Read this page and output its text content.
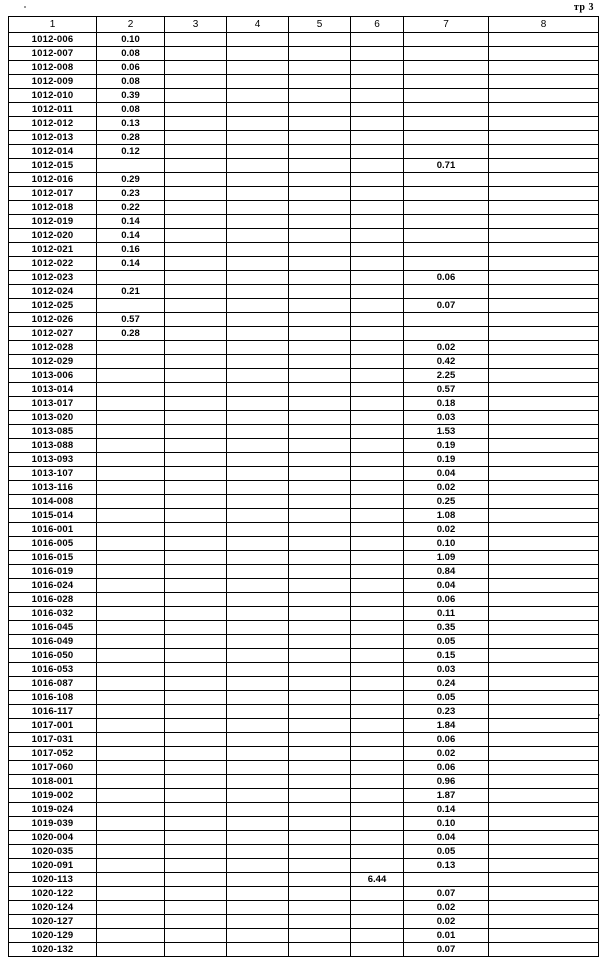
тр 3
1	2	3	4	5	6	7	8
1012-006	0.10						
1012-007	0.08						
1012-008	0.06						
1012-009	0.08						
1012-010	0.39						
1012-011	0.08						
1012-012	0.13						
1012-013	0.28						
1012-014	0.12						
1012-015						0.71	
1012-016	0.29						
1012-017	0.23						
1012-018	0.22						
1012-019	0.14						
1012-020	0.14						
1012-021	0.16						
1012-022	0.14						
1012-023						0.06	
1012-024	0.21						
1012-025						0.07	
1012-026	0.57						
1012-027	0.28						
1012-028						0.02	
1012-029						0.42	
1013-006						2.25	
1013-014						0.57	
1013-017						0.18	
1013-020						0.03	
1013-085						1.53	
1013-088						0.19	
1013-093						0.19	
1013-107						0.04	
1013-116						0.02	
1014-008						0.25	
1015-014						1.08	
1016-001						0.02	
1016-005						0.10	
1016-015						1.09	
1016-019						0.84	
1016-024						0.04	
1016-028						0.06	
1016-032						0.11	
1016-045						0.35	
1016-049						0.05	
1016-050						0.15	
1016-053						0.03	
1016-087						0.24	
1016-108						0.05	
1016-117						0.23	
1017-001						1.84	
1017-031						0.06	
1017-052						0.02	
1017-060						0.06	
1018-001						0.96	
1019-002						1.87	
1019-024						0.14	
1019-039						0.10	
1020-004						0.04	
1020-035						0.05	
1020-091						0.13	
1020-113					6.44		
1020-122						0.07	
1020-124						0.02	
1020-127						0.02	
1020-129						0.01	
1020-132						0.07	
